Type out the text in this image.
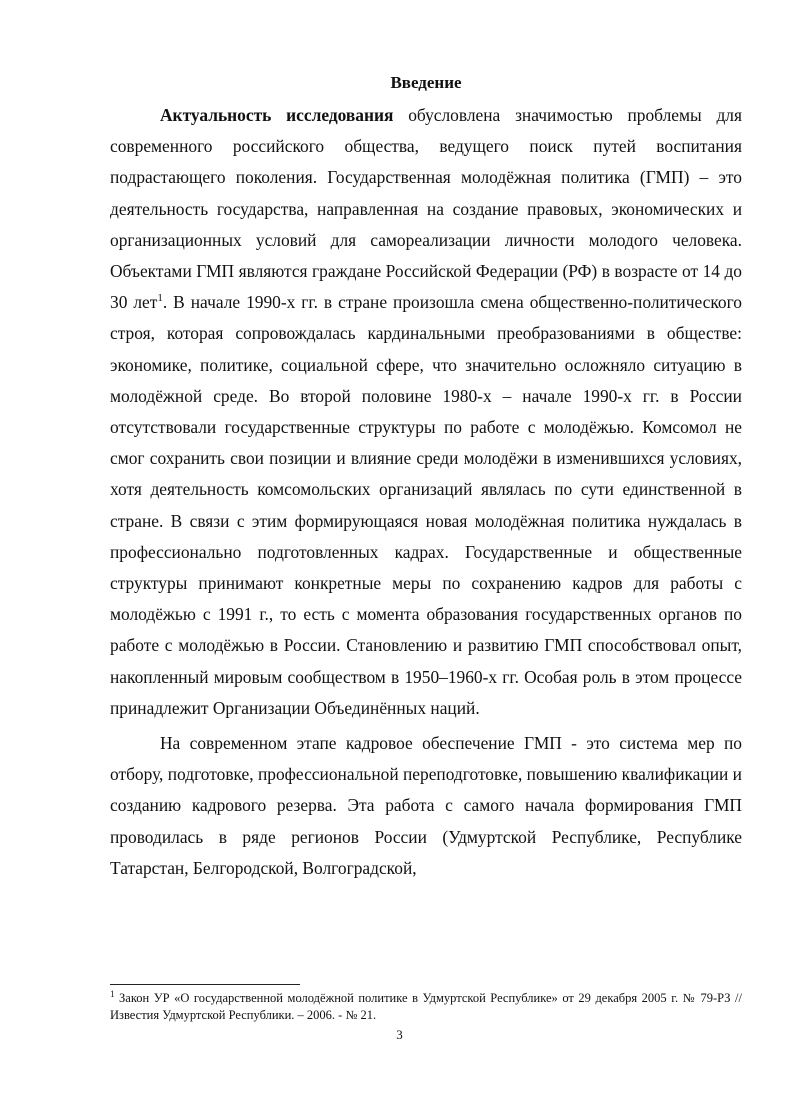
Введение

Актуальность исследования обусловлена значимостью проблемы для современного российского общества, ведущего поиск путей воспитания подрастающего поколения. Государственная молодёжная политика (ГМП) – это деятельность государства, направленная на создание правовых, экономических и организационных условий для самореализации личности молодого человека. Объектами ГМП являются граждане Российской Федерации (РФ) в возрасте от 14 до 30 лет$^1$. В начале 1990-х гг. в стране произошла смена общественно-политического строя, которая сопровождалась кардинальными преобразованиями в обществе: экономике, политике, социальной сфере, что значительно осложняло ситуацию в молодёжной среде. Во второй половине 1980-х – начале 1990-х гг. в России отсутствовали государственные структуры по работе с молодёжью. Комсомол не смог сохранить свои позиции и влияние среди молодёжи в изменившихся условиях, хотя деятельность комсомольских организаций являлась по сути единственной в стране. В связи с этим формирующаяся новая молодёжная политика нуждалась в профессионально подготовленных кадрах. Государственные и общественные структуры принимают конкретные меры по сохранению кадров для работы с молодёжью с 1991 г., то есть с момента образования государственных органов по работе с молодёжью в России. Становлению и развитию ГМП способствовал опыт, накопленный мировым сообществом в 1950–1960-х гг. Особая роль в этом процессе принадлежит Организации Объединённых наций.

На современном этапе кадровое обеспечение ГМП - это система мер по отбору, подготовке, профессиональной переподготовке, повышению квалификации и созданию кадрового резерва. Эта работа с самого начала формирования ГМП проводилась в ряде регионов России (Удмуртской Республике, Республике Татарстан, Белгородской, Волгоградской,

$^1$ Закон УР «О государственной молодёжной политике в Удмуртской Республике» от 29 декабря 2005 г. № 79-РЗ // Известия Удмуртской Республики. – 2006. - № 21.
3
